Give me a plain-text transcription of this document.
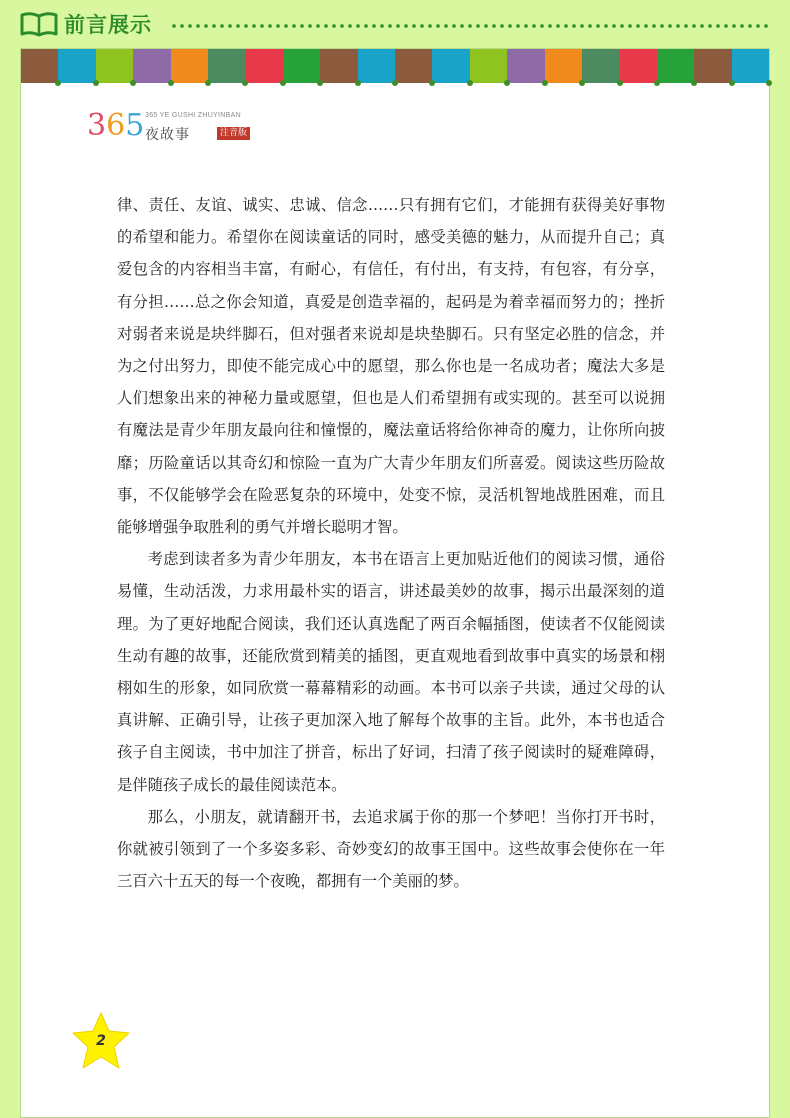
前言展示
365 365 YE GUSHI ZHUYINBAN
夜故事	注音版

律、责任、友谊、诚实、忠诚、信念……只有拥有它们，才能拥有获得美好事物的希望和能力。希望你在阅读童话的同时，感受美德的魅力，从而提升自己；真爱包含的内容相当丰富，有耐心，有信任，有付出，有支持，有包容，有分享，有分担……总之你会知道，真爱是创造幸福的，起码是为着幸福而努力的；挫折对弱者来说是块绊脚石，但对强者来说却是块垫脚石。只有坚定必胜的信念，并为之付出努力，即使不能完成心中的愿望，那么你也是一名成功者；魔法大多是人们想象出来的神秘力量或愿望，但也是人们希望拥有或实现的。甚至可以说拥有魔法是青少年朋友最向往和憧憬的，魔法童话将给你神奇的魔力，让你所向披靡；历险童话以其奇幻和惊险一直为广大青少年朋友们所喜爱。阅读这些历险故事，不仅能够学会在险恶复杂的环境中，处变不惊，灵活机智地战胜困难，而且能够增强争取胜利的勇气并增长聪明才智。

考虑到读者多为青少年朋友，本书在语言上更加贴近他们的阅读习惯，通俗易懂，生动活泼，力求用最朴实的语言，讲述最美妙的故事，揭示出最深刻的道理。为了更好地配合阅读，我们还认真选配了两百余幅插图，使读者不仅能阅读生动有趣的故事，还能欣赏到精美的插图，更直观地看到故事中真实的场景和栩栩如生的形象，如同欣赏一幕幕精彩的动画。本书可以亲子共读，通过父母的认真讲解、正确引导，让孩子更加深入地了解每个故事的主旨。此外，本书也适合孩子自主阅读，书中加注了拼音，标出了好词，扫清了孩子阅读时的疑难障碍，是伴随孩子成长的最佳阅读范本。

那么，小朋友，就请翻开书，去追求属于你的那一个梦吧！当你打开书时，你就被引领到了一个多姿多彩、奇妙变幻的故事王国中。这些故事会使你在一年三百六十五天的每一个夜晚，都拥有一个美丽的梦。

2
